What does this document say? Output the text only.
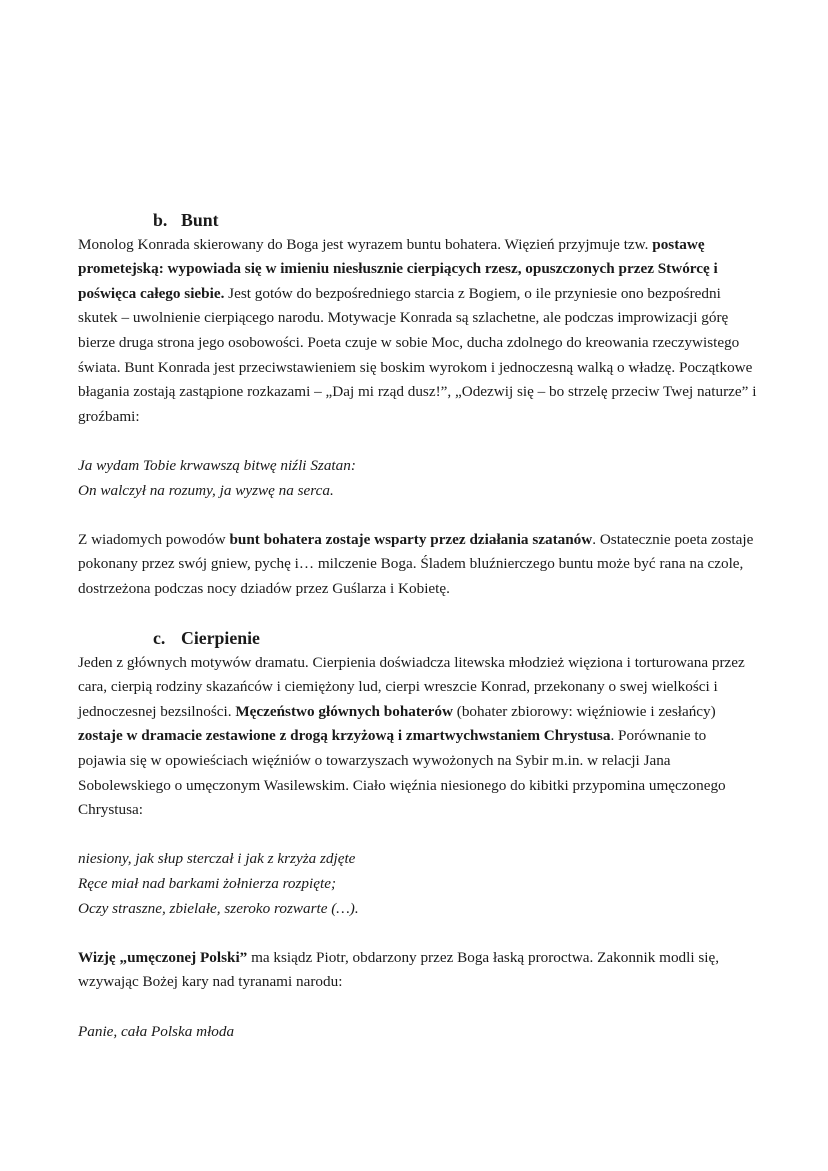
b. Bunt

Monolog Konrada skierowany do Boga jest wyrazem buntu bohatera. Więzień przyjmuje tzw. postawę prometejską: wypowiada się w imieniu niesłusznie cierpiących rzesz, opuszczonych przez Stwórcę i poświęca całego siebie. Jest gotów do bezpośredniego starcia z Bogiem, o ile przyniesie ono bezpośredni skutek – uwolnienie cierpiącego narodu. Motywacje Konrada są szlachetne, ale podczas improwizacji górę bierze druga strona jego osobowości. Poeta czuje w sobie Moc, ducha zdolnego do kreowania rzeczywistego świata. Bunt Konrada jest przeciwstawieniem się boskim wyrokom i jednoczesną walką o władzę. Początkowe błagania zostają zastąpione rozkazami – „Daj mi rząd dusz!”, „Odezwij się – bo strzelę przeciw Twej naturze” i groźbami:

Ja wydam Tobie krwawszą bitwę niźli Szatan:
On walczył na rozumy, ja wyzwę na serca.

Z wiadomych powodów bunt bohatera zostaje wsparty przez działania szatanów. Ostatecznie poeta zostaje pokonany przez swój gniew, pychę i… milczenie Boga. Śladem bluźnierczego buntu może być rana na czole, dostrzeżona podczas nocy dziadów przez Guślarza i Kobietę.

c. Cierpienie

Jeden z głównych motywów dramatu. Cierpienia doświadcza litewska młodzież więziona i torturowana przez cara, cierpią rodziny skazańców i ciemiężony lud, cierpi wreszcie Konrad, przekonany o swej wielkości i jednoczesnej bezsilności. Męczeństwo głównych bohaterów (bohater zbiorowy: więźniowie i zesłańcy) zostaje w dramacie zestawione z drogą krzyżową i zmartwychwstaniem Chrystusa. Porównanie to pojawia się w opowieściach więźniów o towarzyszach wywożonych na Sybir m.in. w relacji Jana Sobolewskiego o umęczonym Wasilewskim. Ciało więźnia niesionego do kibitki przypomina umęczonego Chrystusa:

niesiony, jak słup sterczał i jak z krzyża zdjęte
Ręce miał nad barkami żołnierza rozpięte;
Oczy straszne, zbielałe, szeroko rozwarte (…).

Wizję „umęczonej Polski” ma ksiądz Piotr, obdarzony przez Boga łaską proroctwa. Zakonnik modli się, wzywając Bożej kary nad tyranami narodu:

Panie, cała Polska młoda
